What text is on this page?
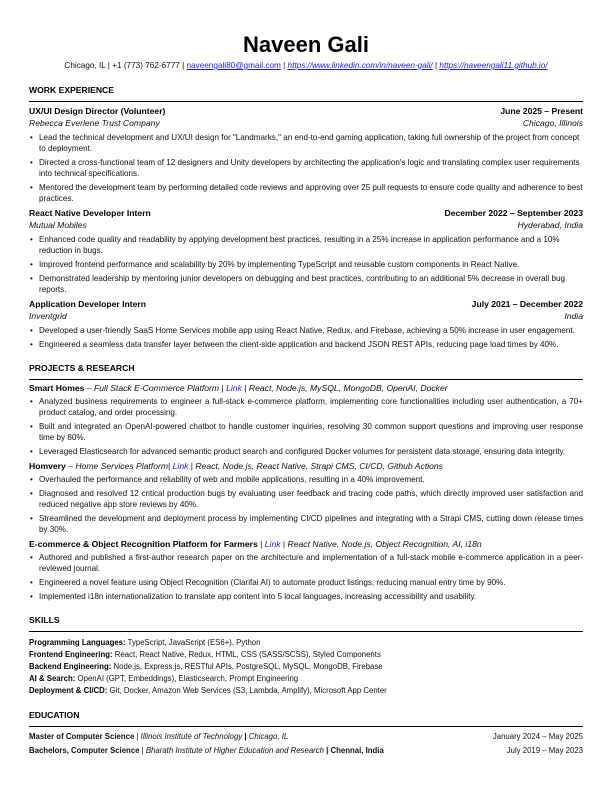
Naveen Gali
Chicago, IL | +1 (773) 762-6777 | naveengali80@gmail.com | https://www.linkedin.com/in/naveen-gali/ | https://naveengali11.github.io/
WORK EXPERIENCE
UX/UI Design Director (Volunteer)	June 2025 – Present
Rebecca Everlene Trust Company	Chicago, Illinois
• Lead the technical development and UX/UI design for "Landmarks," an end-to-end gaming application, taking full ownership of the project from concept to deployment.
• Directed a cross-functional team of 12 designers and Unity developers by architecting the application's logic and translating complex user requirements into technical specifications.
• Mentored the development team by performing detailed code reviews and approving over 25 pull requests to ensure code quality and adherence to best practices.
React Native Developer Intern	December 2022 – September 2023
Mutual Mobiles	Hyderabad, India
• Enhanced code quality and readability by applying development best practices, resulting in a 25% increase in application performance and a 10% reduction in bugs.
• Improved frontend performance and scalability by 20% by implementing TypeScript and reusable custom components in React Native.
• Demonstrated leadership by mentoring junior developers on debugging and best practices, contributing to an additional 5% decrease in overall bug reports.
Application Developer Intern	July 2021 – December 2022
Inventgrid	India
• Developed a user-friendly SaaS Home Services mobile app using React Native, Redux, and Firebase, achieving a 50% increase in user engagement.
• Engineered a seamless data transfer layer between the client-side application and backend JSON REST APIs, reducing page load times by 40%.
PROJECTS & RESEARCH
Smart Homes – Full Stack E-Commerce Platform | Link | React, Node.js, MySQL, MongoDB, OpenAI, Docker
• Analyzed business requirements to engineer a full-stack e-commerce platform, implementing core functionalities including user authentication, a 70+ product catalog, and order processing.
• Built and integrated an OpenAI-powered chatbot to handle customer inquiries, resolving 30 common support questions and improving user response time by 80%.
• Leveraged Elasticsearch for advanced semantic product search and configured Docker volumes for persistent data storage, ensuring data integrity.
Homvery – Home Services Platform| Link | React, Node.js, React Native, Strapi CMS, CI/CD, Github Actions
• Overhauled the performance and reliability of web and mobile applications, resulting in a 40% improvement.
• Diagnosed and resolved 12 critical production bugs by evaluating user feedback and tracing code paths, which directly improved user satisfaction and reduced negative app store reviews by 40%.
• Streamlined the development and deployment process by implementing CI/CD pipelines and integrating with a Strapi CMS, cutting down release times by 30%.
E-commerce & Object Recognition Platform for Farmers | Link | React Native, Node.js, Object Recognition, AI, i18n
• Authored and published a first-author research paper on the architecture and implementation of a full-stack mobile e-commerce application in a peer-reviewed journal.
• Engineered a novel feature using Object Recognition (Clarifai AI) to automate product listings, reducing manual entry time by 90%.
• Implemented i18n internationalization to translate app content into 5 local languages, increasing accessibility and usability.
SKILLS
Programming Languages: TypeScript, JavaScript (ES6+), Python
Frontend Engineering: React, React Native, Redux, HTML, CSS (SASS/SCSS), Styled Components
Backend Engineering: Node.js, Express.js, RESTful APIs, PostgreSQL, MySQL, MongoDB, Firebase
AI & Search: OpenAI (GPT, Embeddings), Elasticsearch, Prompt Engineering
Deployment & CI/CD: Git, Docker, Amazon Web Services (S3, Lambda, Amplify), Microsoft App Center
EDUCATION
Master of Computer Science | Illinois Institute of Technology | Chicago, IL	January 2024 – May 2025
Bachelors, Computer Science | Bharath Institute of Higher Education and Research | Chennai, India	July 2019 – May 2023
